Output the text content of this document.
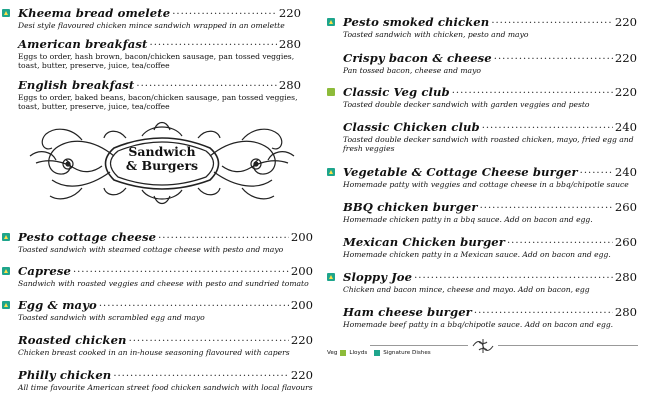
Kheema bread omelete .....	220
Desi style flavoured chicken mince sandwich wrapped in an omelette
American breakfast .....	280
Eggs to order, hash brown, bacon/chicken sausage, pan tossed veggies, toast, butter, preserve, juice, tea/coffee
English breakfast .....	280
Eggs to order, baked beans, bacon/chicken sausage, pan tossed veggies, toast, butter, preserve, juice, tea/coffee
Sandwich
& Burgers
Pesto cottage cheese .....	200
Toasted sandwich with steamed cottage cheese with pesto and mayo
Caprese .....	200
Sandwich with roasted veggies and cheese with pesto and sundried tomato
Egg & mayo .....	200
Toasted sandwich with scrambled egg and mayo
Roasted chicken .....	220
Chicken breast cooked in an in-house seasoning flavoured with capers
Philly chicken .....	220
All time favourite American street food chicken sandwich with local flavours
Pesto smoked chicken .....	220
Toasted sandwich with chicken, pesto and mayo
Crispy bacon & cheese .....	220
Pan tossed bacon, cheese and mayo
Classic Veg club .....	220
Toasted double decker sandwich with garden veggies and pesto
Classic Chicken club .....	240
Toasted double decker sandwich with roasted chicken, mayo, fried egg and fresh veggies
Vegetable & Cottage Cheese burger .....	240
Homemade patty with veggies and cottage cheese in a bbq/chipotle sauce
BBQ chicken burger .....	260
Homemade chicken patty in a bbq sauce. Add on bacon and egg.
Mexican Chicken burger .....	260
Homemade chicken patty in a Mexican sauce. Add on bacon and egg.
Sloppy Joe .....	280
Chicken and bacon mince, cheese and mayo. Add on bacon, egg
Ham cheese burger .....	280
Homemade beef patty in a bbq/chipotle sauce. Add on bacon and egg.
Veg Lloyds	Signature Dishes
